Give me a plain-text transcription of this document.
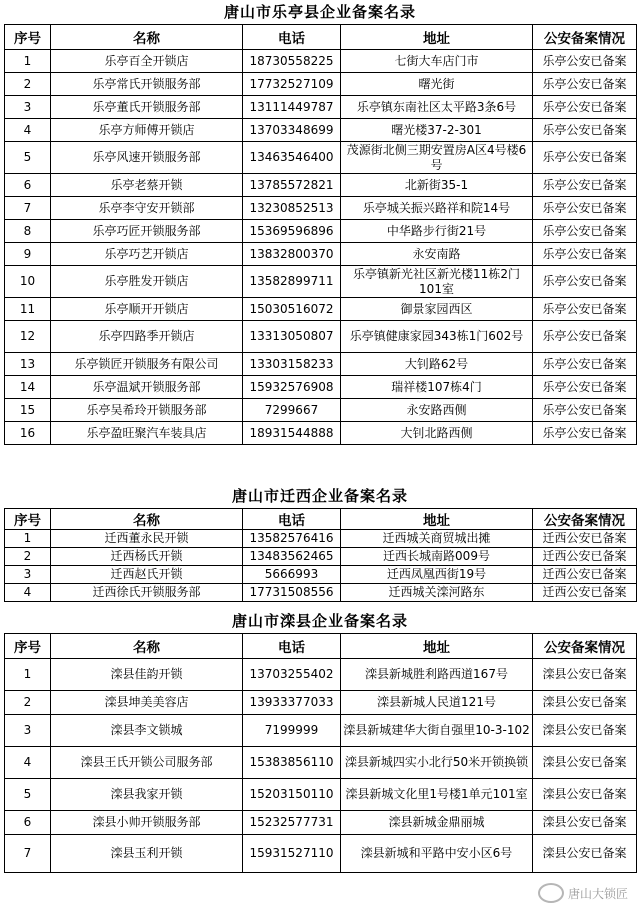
唐山市乐亭县企业备案名录
序号	名称	电话	地址	公安备案情况
1	乐亭百全开锁店	18730558225	七街大车店门市	乐亭公安已备案
2	乐亭常氏开锁服务部	17732527109	曙光街	乐亭公安已备案
3	乐亭董氏开锁服务部	13111449787	乐亭镇东南社区太平路3条6号	乐亭公安已备案
4	乐亭方师傅开锁店	13703348699	曙光楼37-2-301	乐亭公安已备案
5	乐亭风速开锁服务部	13463546400	茂源街北侧三期安置房A区4号楼6号	乐亭公安已备案
6	乐亭老蔡开锁	13785572821	北新街35-1	乐亭公安已备案
7	乐亭李守安开锁部	13230852513	乐亭城关振兴路祥和院14号	乐亭公安已备案
8	乐亭巧匠开锁服务部	15369596896	中华路步行街21号	乐亭公安已备案
9	乐亭巧艺开锁店	13832800370	永安南路	乐亭公安已备案
10	乐亭胜发开锁店	13582899711	乐亭镇新光社区新光楼11栋2门101室	乐亭公安已备案
11	乐亭顺开开锁店	15030516072	御景家园西区	乐亭公安已备案
12	乐亭四路季开锁店	13313050807	乐亭镇健康家园343栋1门602号	乐亭公安已备案
13	乐亭锁匠开锁服务有限公司	13303158233	大钊路62号	乐亭公安已备案
14	乐亭温斌开锁服务部	15932576908	瑞祥楼107栋4门	乐亭公安已备案
15	乐亭吴希玲开锁服务部	7299667	永安路西侧	乐亭公安已备案
16	乐亭盈旺聚汽车装具店	18931544888	大钊北路西侧	乐亭公安已备案
唐山市迁西企业备案名录
序号	名称	电话	地址	公安备案情况
1	迁西董永民开锁	13582576416	迁西城关商贸城出摊	迁西公安已备案
2	迁西杨氏开锁	13483562465	迁西长城南路009号	迁西公安已备案
3	迁西赵氏开锁	5666993	迁西凤凰西街19号	迁西公安已备案
4	迁西徐氏开锁服务部	17731508556	迁西城关滦河路东	迁西公安已备案
唐山市滦县企业备案名录
序号	名称	电话	地址	公安备案情况
1	滦县佳韵开锁	13703255402	滦县新城胜利路西道167号	滦县公安已备案
2	滦县坤美美容店	13933377033	滦县新城人民道121号	滦县公安已备案
3	滦县李文锁城	7199999	滦县新城建华大街自强里10-3-102	滦县公安已备案
4	滦县王氏开锁公司服务部	15383856110	滦县新城四实小北行50米开锁换锁	滦县公安已备案
5	滦县我家开锁	15203150110	滦县新城文化里1号楼1单元101室	滦县公安已备案
6	滦县小帅开锁服务部	15232577731	滦县新城金鼎丽城	滦县公安已备案
7	滦县玉利开锁	15931527110	滦县新城和平路中安小区6号	滦县公安已备案
唐山大锁匠
